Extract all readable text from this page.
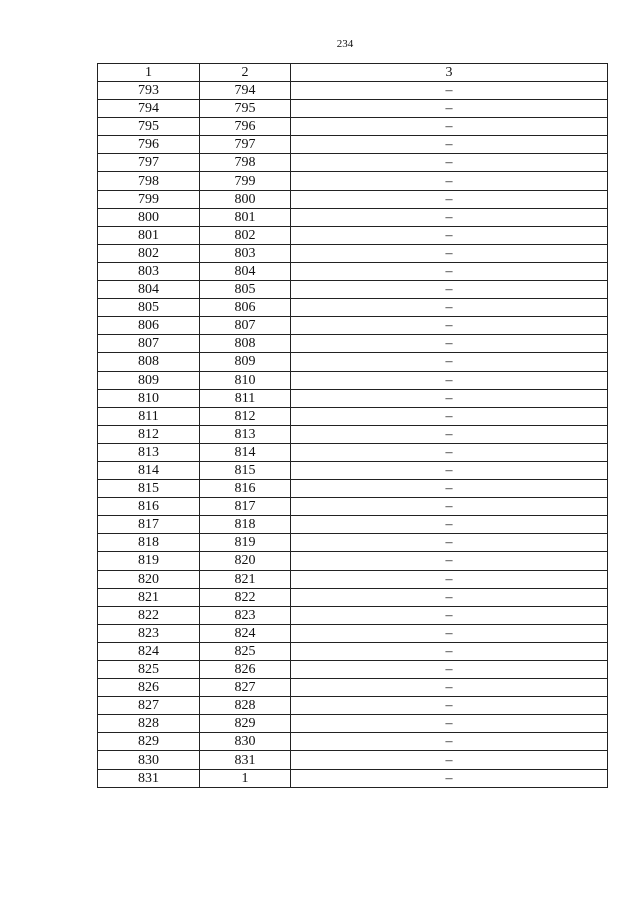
234
1	2	3
793	794	–
794	795	–
795	796	–
796	797	–
797	798	–
798	799	–
799	800	–
800	801	–
801	802	–
802	803	–
803	804	–
804	805	–
805	806	–
806	807	–
807	808	–
808	809	–
809	810	–
810	811	–
811	812	–
812	813	–
813	814	–
814	815	–
815	816	–
816	817	–
817	818	–
818	819	–
819	820	–
820	821	–
821	822	–
822	823	–
823	824	–
824	825	–
825	826	–
826	827	–
827	828	–
828	829	–
829	830	–
830	831	–
831	1	–
